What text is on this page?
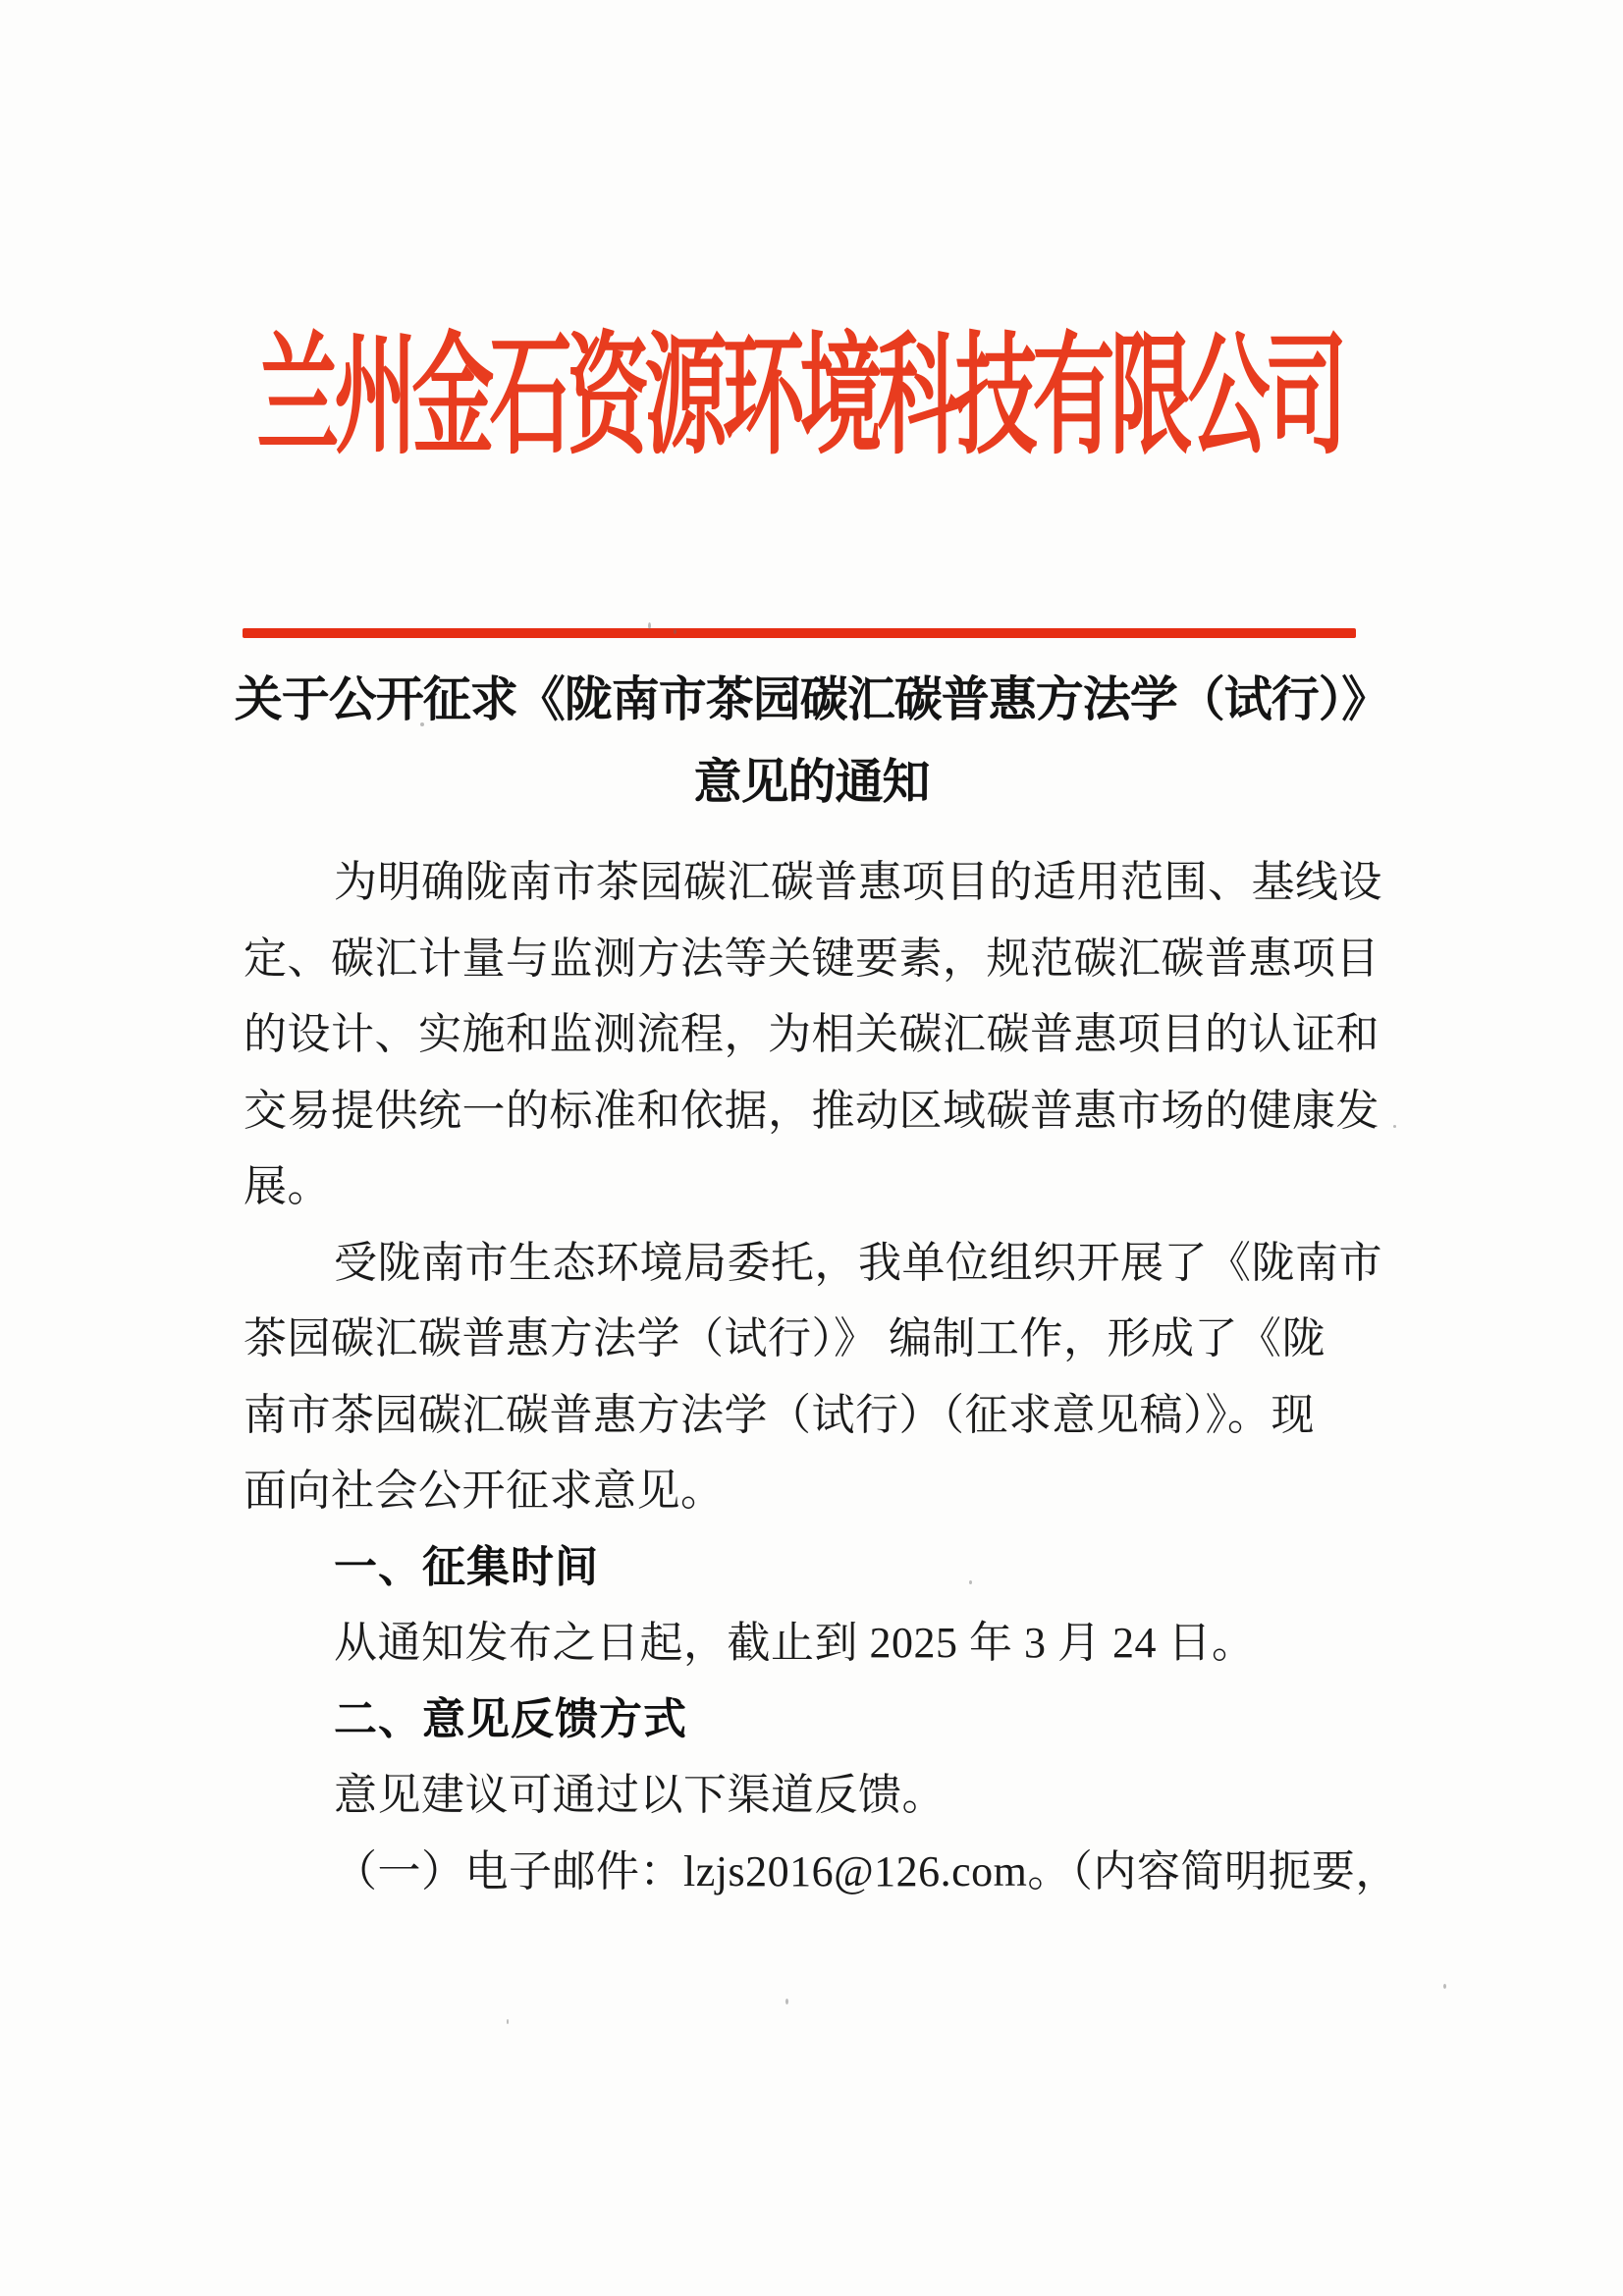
兰州金石资源环境科技有限公司
关于公开征求《陇南市茶园碳汇碳普惠方法学（试行）》
意见的通知
为明确陇南市茶园碳汇碳普惠项目的适用范围、基线设
定、碳汇计量与监测方法等关键要素，规范碳汇碳普惠项目
的设计、实施和监测流程，为相关碳汇碳普惠项目的认证和
交易提供统一的标准和依据，推动区域碳普惠市场的健康发
展。
受陇南市生态环境局委托，我单位组织开展了《陇南市
茶园碳汇碳普惠方法学（试行）》 编制工作，形成了《陇
南市茶园碳汇碳普惠方法学（试行）（征求意见稿）》。现
面向社会公开征求意见。
一、征集时间
从通知发布之日起，截止到 2025 年 3 月 24 日。
二、意见反馈方式
意见建议可通过以下渠道反馈。
（一）电子邮件：lzjs2016@126.com。（内容简明扼要，
